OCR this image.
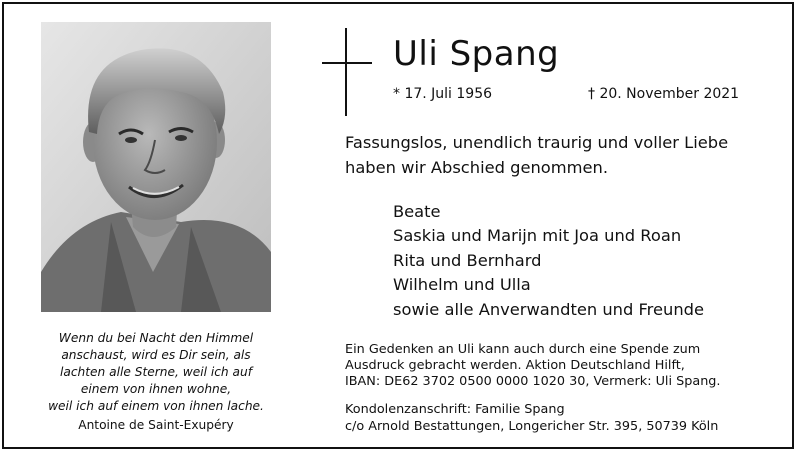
Wenn du bei Nacht den Himmel
anschaust, wird es Dir sein, als
lachten alle Sterne, weil ich auf
einem von ihnen wohne,
weil ich auf einem von ihnen lache.
Antoine de Saint-Exupéry
Uli Spang
* 17. Juli 1956	† 20. November 2021
Fassungslos, unendlich traurig und voller Liebe
haben wir Abschied genommen.
Beate
Saskia und Marijn mit Joa und Roan
Rita und Bernhard
Wilhelm und Ulla
sowie alle Anverwandten und Freunde
Ein Gedenken an Uli kann auch durch eine Spende zum
Ausdruck gebracht werden. Aktion Deutschland Hilft,
IBAN: DE62 3702 0500 0000 1020 30, Vermerk: Uli Spang.
Kondolenzanschrift: Familie Spang
c/o Arnold Bestattungen, Longericher Str. 395, 50739 Köln
